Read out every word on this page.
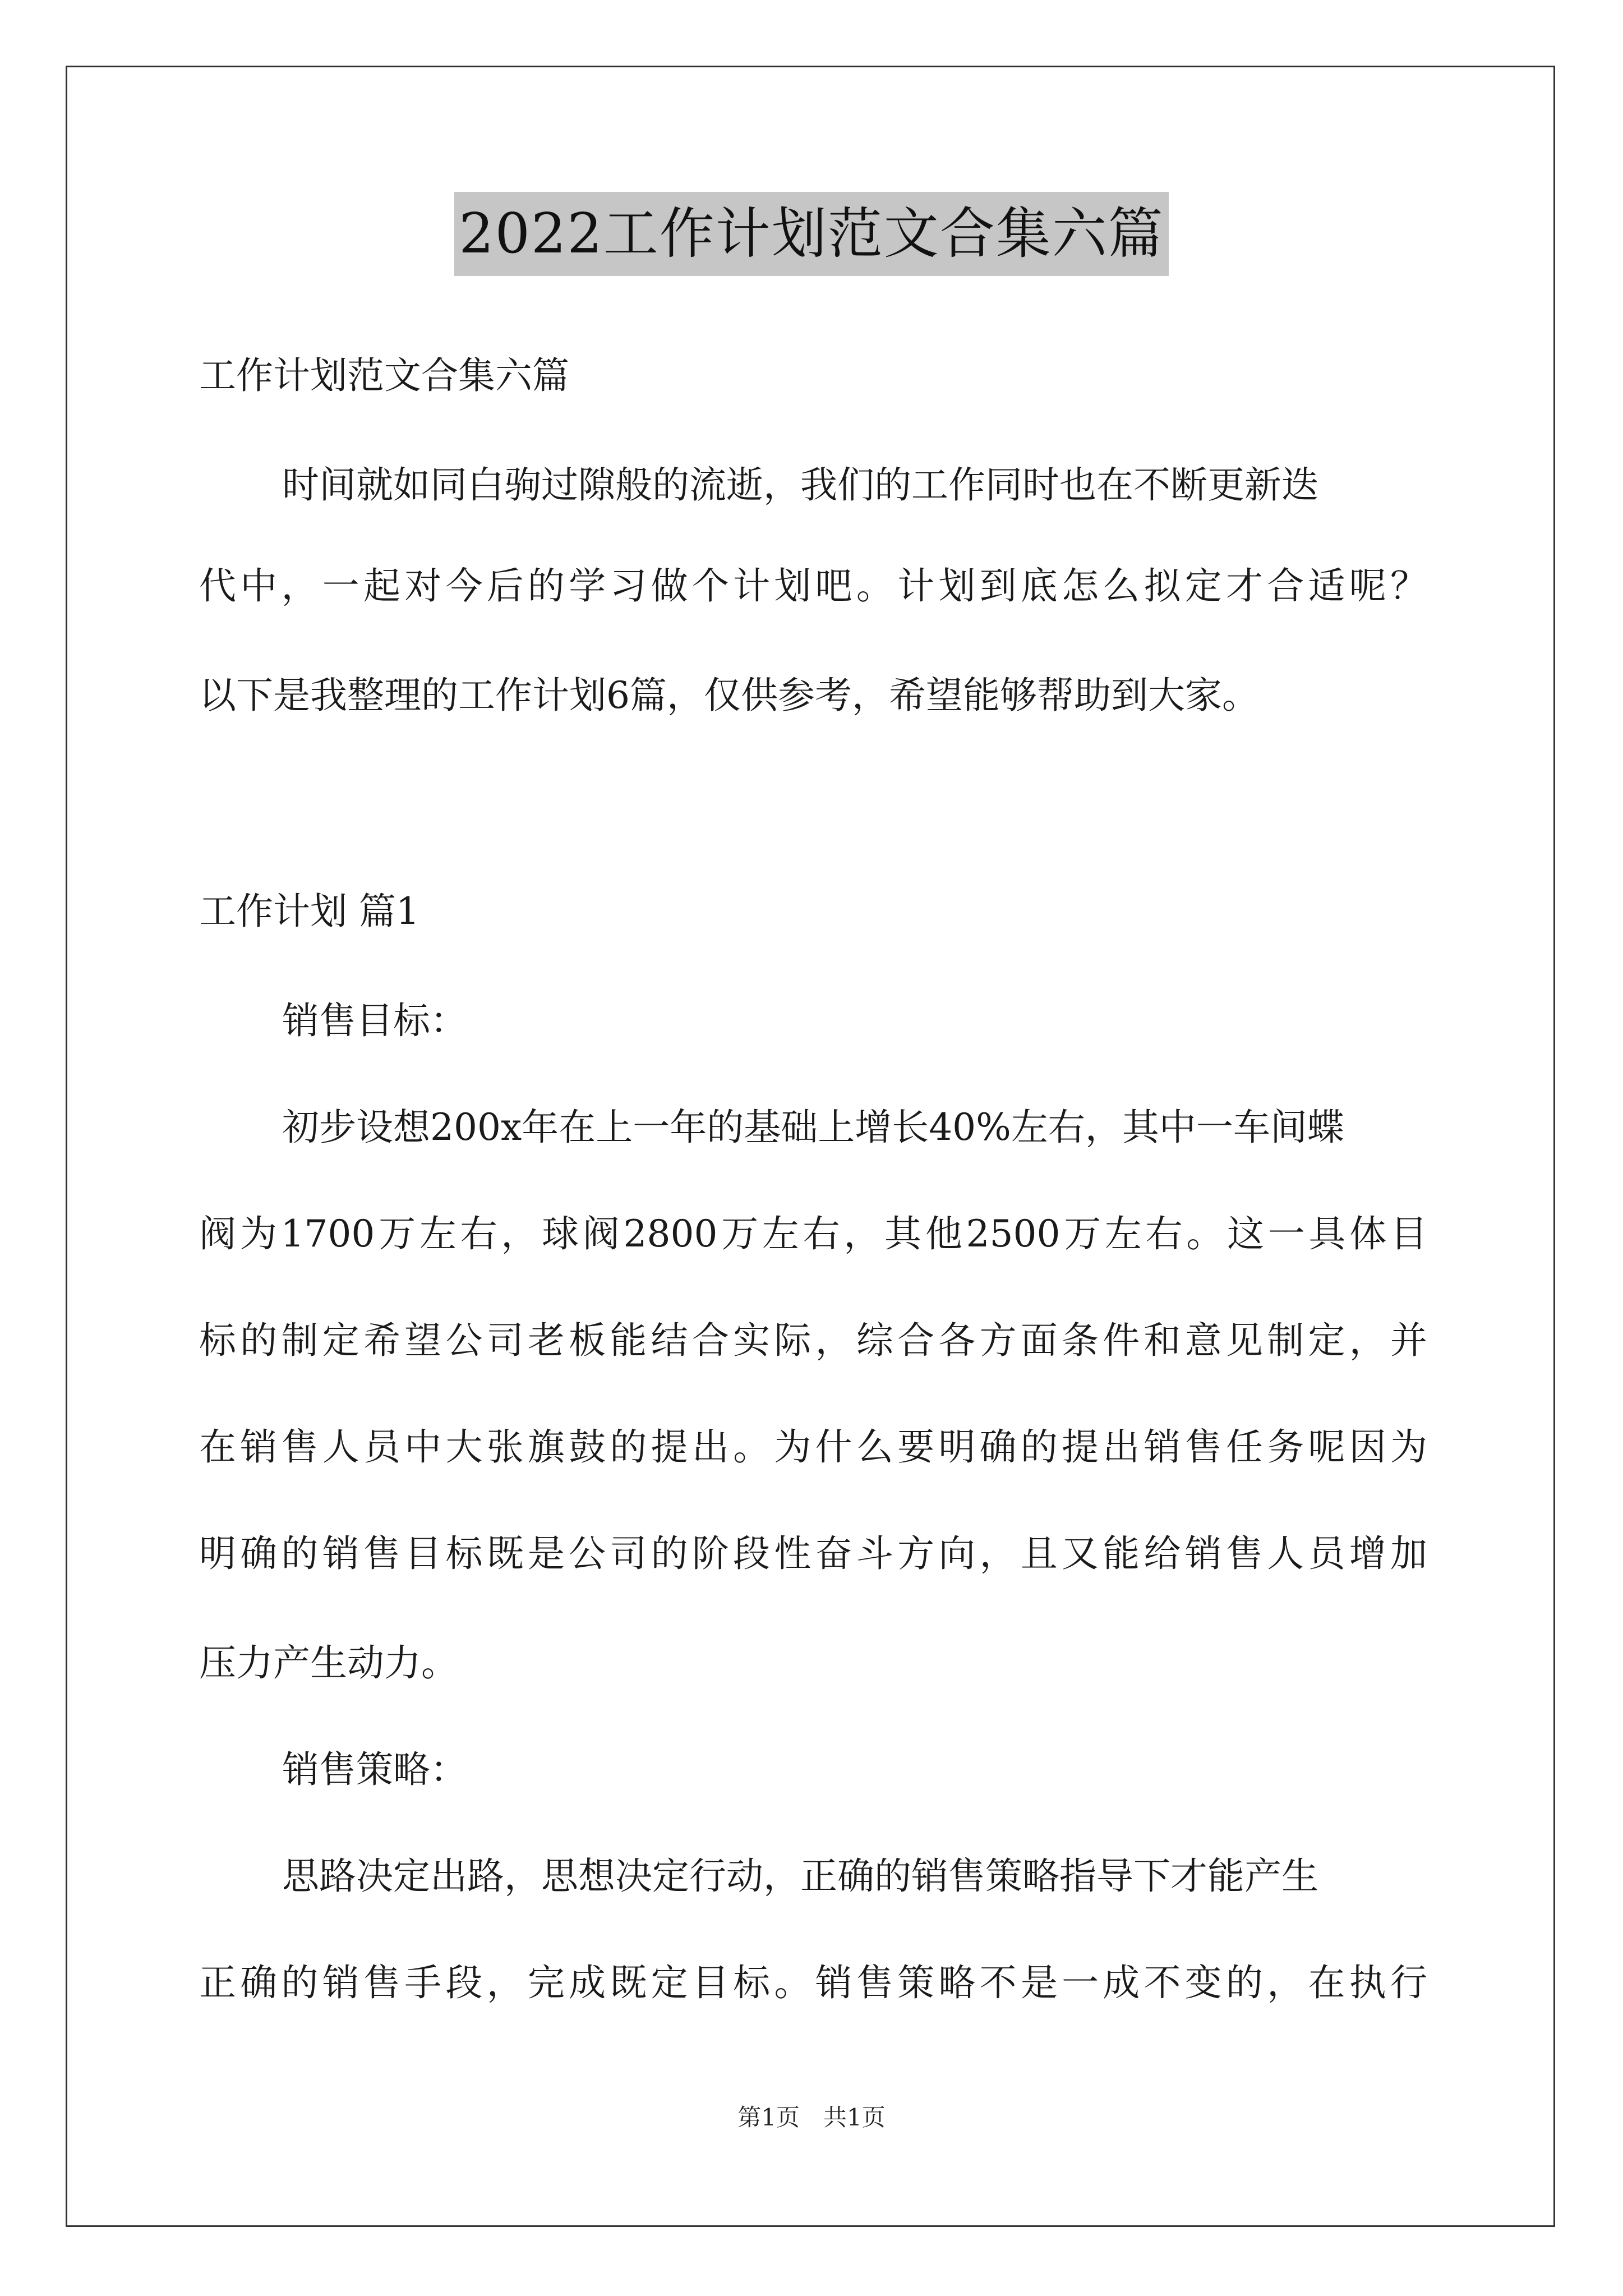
2022工作计划范文合集六篇
工作计划范文合集六篇
时间就如同白驹过隙般的流逝，我们的工作同时也在不断更新迭
代中，一起对今后的学习做个计划吧。计划到底怎么拟定才合适呢？
以下是我整理的工作计划6篇，仅供参考，希望能够帮助到大家。
工作计划 篇1
销售目标：
初步设想200x年在上一年的基础上增长40%左右，其中一车间蝶
阀为1700万左右，球阀2800万左右，其他2500万左右。这一具体目
标的制定希望公司老板能结合实际，综合各方面条件和意见制定，并
在销售人员中大张旗鼓的提出。为什么要明确的提出销售任务呢因为
明确的销售目标既是公司的阶段性奋斗方向，且又能给销售人员增加
压力产生动力。
销售策略：
思路决定出路，思想决定行动，正确的销售策略指导下才能产生
正确的销售手段，完成既定目标。销售策略不是一成不变的，在执行
第1页　共1页
